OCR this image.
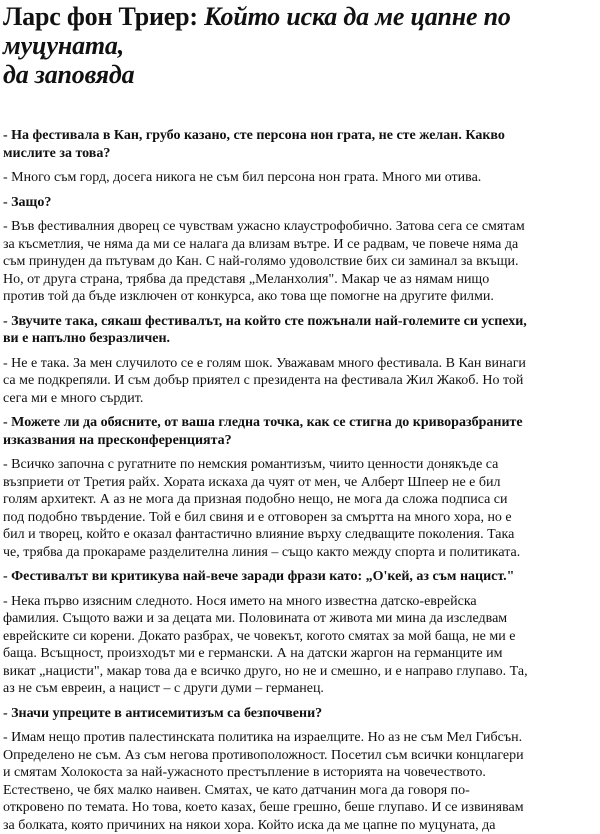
Ларс фон Триер: Който иска да ме цапне по муцуната,
да заповяда
- На фестивала в Кан, грубо казано, сте персона нон грата, не сте желан. Какво
мислите за това?
- Много съм горд, досега никога не съм бил персона нон грата. Много ми отива.
- Защо?
- Във фестивалния дворец се чувствам ужасно клаустрофобично. Затова сега се смятам
за късметлия, че няма да ми се налага да влизам вътре. И се радвам, че повече няма да
съм принуден да пътувам до Кан. С най-голямо удоволствие бих си заминал за вкъщи.
Но, от друга страна, трябва да представя „Меланхолия". Макар че аз нямам нищо
против той да бъде изключен от конкурса, ако това ще помогне на другите филми.
- Звучите така, сякаш фестивалът, на който сте пожънали най-големите си успехи,
ви е напълно безразличен.
- Не е така. За мен случилото се е голям шок. Уважавам много фестивала. В Кан винаги
са ме подкрепяли. И съм добър приятел с президента на фестивала Жил Жакоб. Но той
сега ми е много сърдит.
- Можете ли да обясните, от ваша гледна точка, как се стигна до криворазбраните
изказвания на пресконференцията?
- Всичко започна с ругатните по немския романтизъм, чиито ценности донякъде са
възприети от Третия райх. Хората искаха да чуят от мен, че Алберт Шпеер не е бил
голям архитект. А аз не мога да призная подобно нещо, не мога да сложа подписа си
под подобно твърдение. Той е бил свиня и е отговорен за смъртта на много хора, но е
бил и творец, който е оказал фантастично влияние върху следващите поколения. Така
че, трябва да прокараме разделителна линия – също както между спорта и политиката.
- Фестивалът ви критикува най-вече заради фрази като: „О'кей, аз съм нацист."
- Нека първо изясним следното. Нося името на много известна датско-еврейска
фамилия. Същото важи и за децата ми. Половината от живота ми мина да изследвам
еврейските си корени. Докато разбрах, че човекът, когото смятах за мой баща, не ми е
баща. Всъщност, произходът ми е германски. А на датски жаргон на германците им
викат „нацисти", макар това да е всичко друго, но не и смешно, и е направо глупаво. Та,
аз не съм евреин, а нацист – с други думи – германец.
- Значи упреците в антисемитизъм са безпочвени?
- Имам нещо против палестинската политика на израелците. Но аз не съм Мел Гибсън.
Определено не съм. Аз съм негова противоположност. Посетил съм всички концлагери
и смятам Холокоста за най-ужасното престъпление в историята на човечеството.
Естествено, че бях малко наивен. Смятах, че като датчанин мога да говоря по-
откровено по темата. Но това, което казах, беше грешно, беше глупаво. И се извинявам
за болката, която причиних на някои хора. Който иска да ме цапне по муцуната, да
